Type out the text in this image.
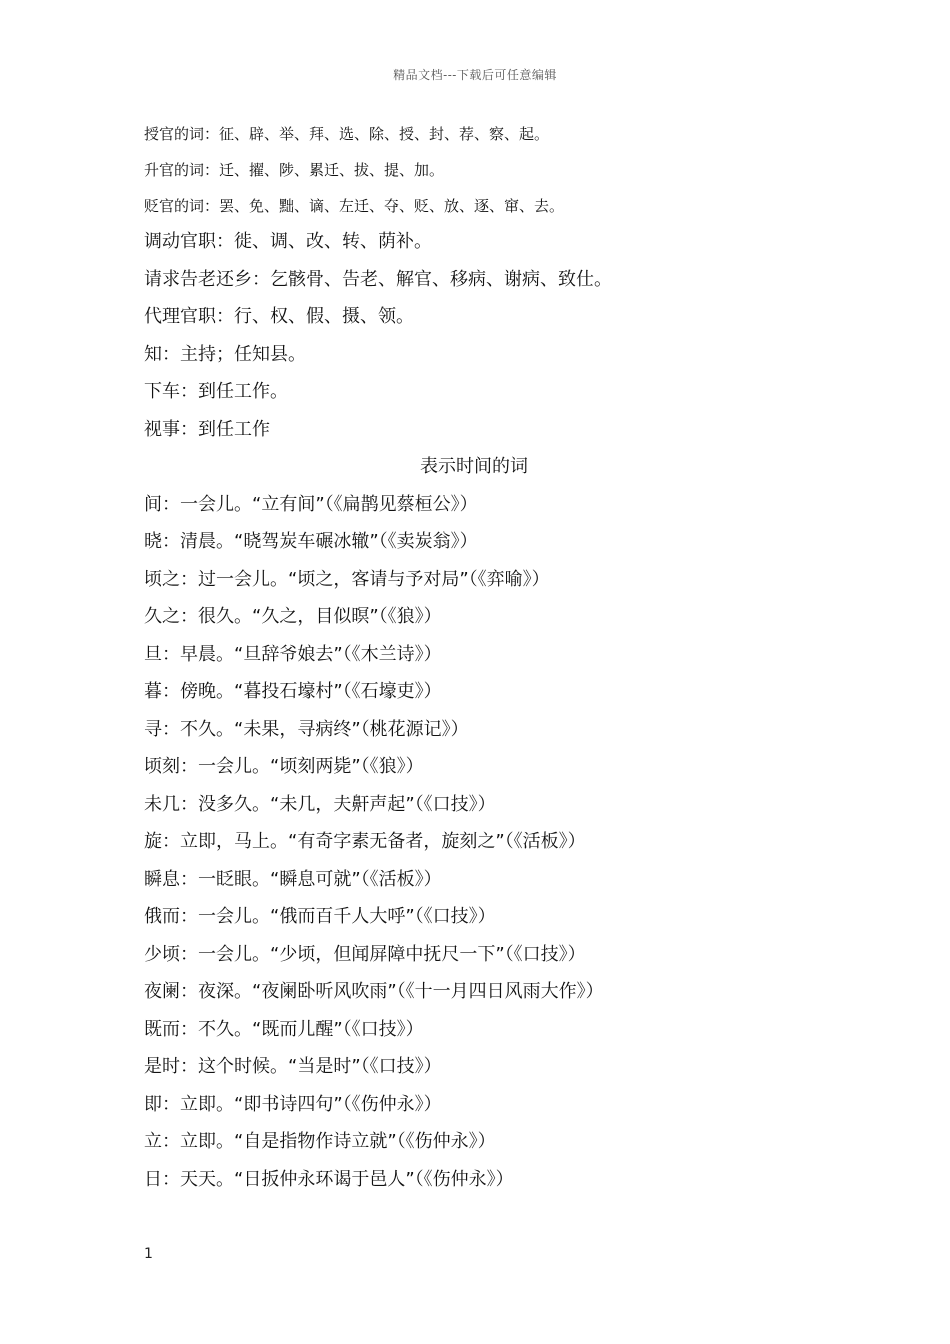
精品文档---下载后可任意编辑
授官的词：征、辟、举、拜、选、除、授、封、荐、察、起。
升官的词：迁、擢、陟、累迁、拔、提、加。
贬官的词：罢、免、黜、谪、左迁、夺、贬、放、逐、窜、去。
调动官职：徙、调、改、转、荫补。
请求告老还乡：乞骸骨、告老、解官、移病、谢病、致仕。
代理官职：行、权、假、摄、领。
知：主持；任知县。
下车：到任工作。
视事：到任工作
表示时间的词
间：一会儿。“立有间”（《扁鹊见蔡桓公》）
晓：清晨。“晓驾炭车碾冰辙”（《卖炭翁》）
顷之：过一会儿。“顷之，客请与予对局”（《弈喻》）
久之：很久。“久之，目似暝”（《狼》）
旦：早晨。“旦辞爷娘去”（《木兰诗》）
暮：傍晚。“暮投石壕村”（《石壕吏》）
寻：不久。“未果，寻病终”（桃花源记》）
顷刻：一会儿。“顷刻两毙”（《狼》）
未几：没多久。“未几，夫鼾声起”（《口技》）
旋：立即，马上。“有奇字素无备者，旋刻之”（《活板》）
瞬息：一眨眼。“瞬息可就”（《活板》）
俄而：一会儿。“俄而百千人大呼”（《口技》）
少顷：一会儿。“少顷，但闻屏障中抚尺一下”（《口技》）
夜阑：夜深。“夜阑卧听风吹雨”（《十一月四日风雨大作》）
既而：不久。“既而儿醒”（《口技》）
是时：这个时候。“当是时”（《口技》）
即：立即。“即书诗四句”（《伤仲永》）
立：立即。“自是指物作诗立就”（《伤仲永》）
日：天天。“日扳仲永环谒于邑人”（《伤仲永》）
1
